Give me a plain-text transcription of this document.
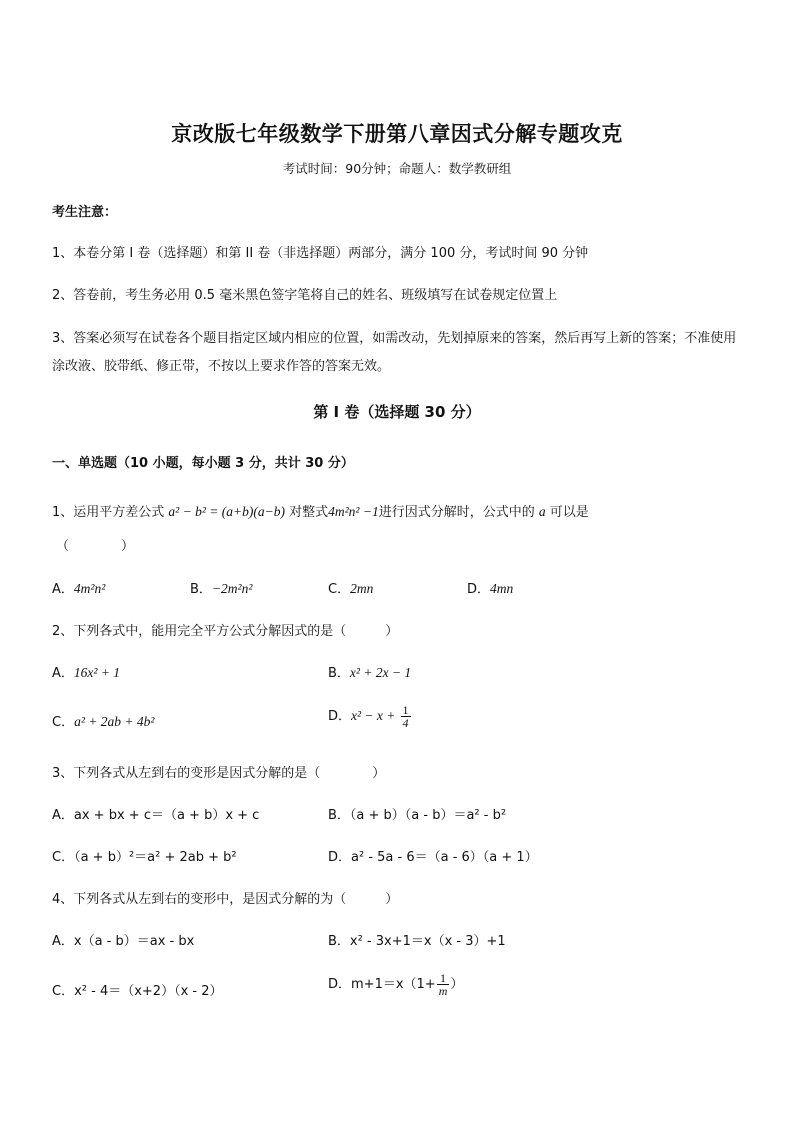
京改版七年级数学下册第八章因式分解专题攻克
考试时间：90分钟；命题人：数学教研组
考生注意：
1、本卷分第 I 卷（选择题）和第 II 卷（非选择题）两部分，满分 100 分，考试时间 90 分钟
2、答卷前，考生务必用 0.5 毫米黑色签字笔将自己的姓名、班级填写在试卷规定位置上
3、答案必须写在试卷各个题目指定区域内相应的位置，如需改动，先划掉原来的答案，然后再写上新的答案；不准使用涂改液、胶带纸、修正带，不按以上要求作答的答案无效。
第 I 卷（选择题 30 分）
一、单选题（10 小题，每小题 3 分，共计 30 分）
1、运用平方差公式 a² − b² = (a+b)(a−b) 对整式4m²n² −1进行因式分解时，公式中的 a 可以是
（　　　　）
A．4m²n²	B．−2m²n²	C．2mn	D．4mn
2、下列各式中，能用完全平方公式分解因式的是（　　　）
A．16x² + 1	B．x² + 2x − 1
C．a² + 2ab + 4b²	D．$x^2 - x + \frac{1}{4}$
3、下列各式从左到右的变形是因式分解的是（　　　　）
A．ax + bx + c＝（a + b）x + c	B．（a + b）（a - b）＝a² - b²
C．（a + b）²＝a² + 2ab + b²	D．a² - 5a - 6＝（a - 6）（a + 1）
4、下列各式从左到右的变形中，是因式分解的为（　　　）
A．x（a - b）＝ax - bx	B．x² - 3x+1＝x（x - 3）+1
C．x² - 4＝（x+2）（x - 2）	D．$m+1=x(1+ \frac{1}{m}$ ）
